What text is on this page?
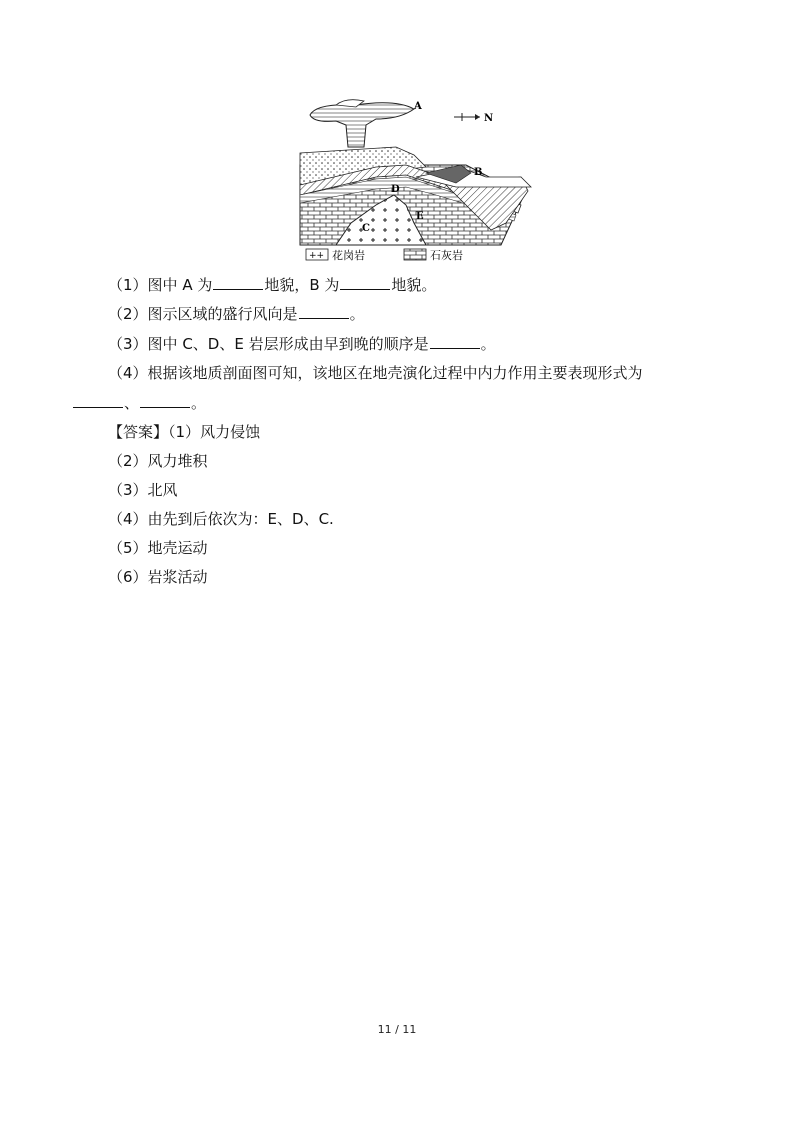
A
B
D
E
C
N
++ 花岗岩	石灰岩
（1）图中 A 为	地貌，B 为	地貌。
（2）图示区域的盛行风向是	。
（3）图中 C、D、E 岩层形成由早到晚的顺序是	。
（4）根据该地质剖面图可知，该地区在地壳演化过程中内力作用主要表现形式为
、	。
【答案】（1）风力侵蚀
（2）风力堆积
（3）北风
（4）由先到后依次为：E、D、C.
（5）地壳运动
（6）岩浆活动
11 / 11
